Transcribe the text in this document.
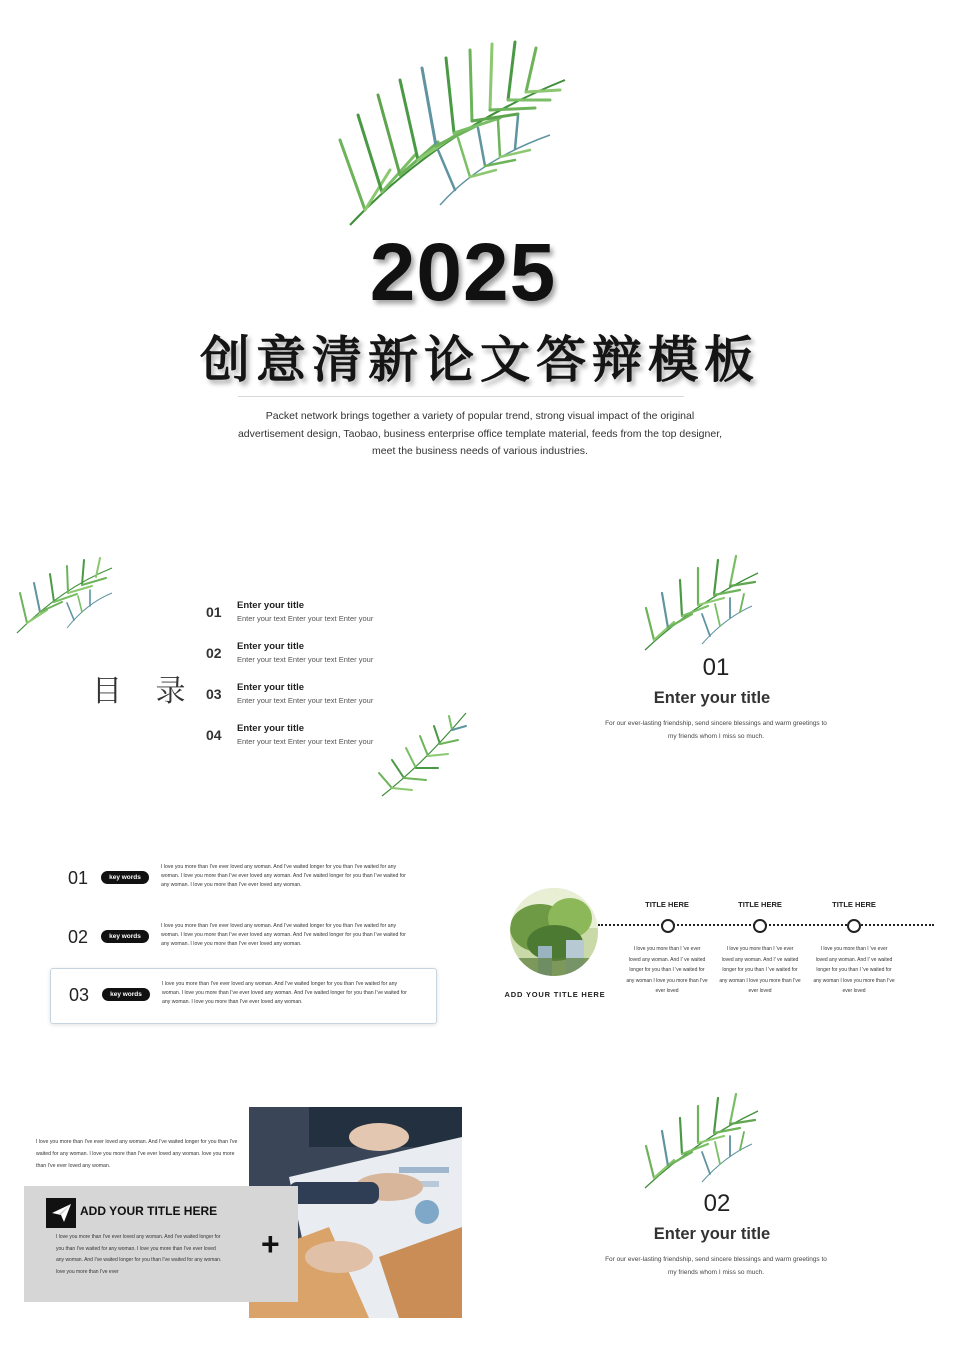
2025
创意清新论文答辩模板
Packet network brings together a variety of popular trend, strong visual impact of the original
advertisement design, Taobao, business enterprise office template material, feeds from the top designer,
meet the business needs of various industries.
目 录
01 Enter your title
Enter your text Enter your text Enter your
02 Enter your title
Enter your text Enter your text Enter your
03 Enter your title
Enter your text Enter your text Enter your
04 Enter your title
Enter your text Enter your text Enter your
01
Enter your title
For our ever-lasting friendship, send sincere blessings and warm greetings to
my friends whom I miss so much.
01	key words
I love you more than I've ever loved any woman. And I've waited longer for you than I've waited for any
woman. I love you more than I've ever loved any woman. And I've waited longer for you than I've waited for
any woman. I love you more than I've ever loved any woman.
02	key words
I love you more than I've ever loved any woman. And I've waited longer for you than I've waited for any
woman. I love you more than I've ever loved any woman. And I've waited longer for you than I've waited for
any woman. I love you more than I've ever loved any woman.
03	key words
I love you more than I've ever loved any woman. And I've waited longer for you than I've waited for any
woman. I love you more than I've ever loved any woman. And I've waited longer for you than I've waited for
any woman. I love you more than I've ever loved any woman.
ADD YOUR TITLE HERE
TITLE HERE	TITLE HERE	TITLE HERE
I love you more than I 've ever
loved any woman. And I' ve waited
longer for you than I 've waited for
any woman I love you more than I've
ever loved
I love you more than I 've ever
loved any woman. And I' ve waited
longer for you than I 've waited for
any woman I love you more than I've
ever loved
I love you more than I 've ever
loved any woman. And I' ve waited
longer for you than I 've waited for
any woman I love you more than I've
ever loved
I love you more than I've ever loved any woman. And I've waited longer for you than I've
waited for any woman. I love you more than I've ever loved any woman. love you more
than I've ever loved any woman.
ADD YOUR TITLE HERE
I love you more than I've ever loved any woman. And I've waited longer for
you than I've waited for any woman. I love you more than I've ever loved
any woman. And I've waited longer for you than I've waited for any woman.
love you more than I've ever
+
02
Enter your title
For our ever-lasting friendship, send sincere blessings and warm greetings to
my friends whom I miss so much.
